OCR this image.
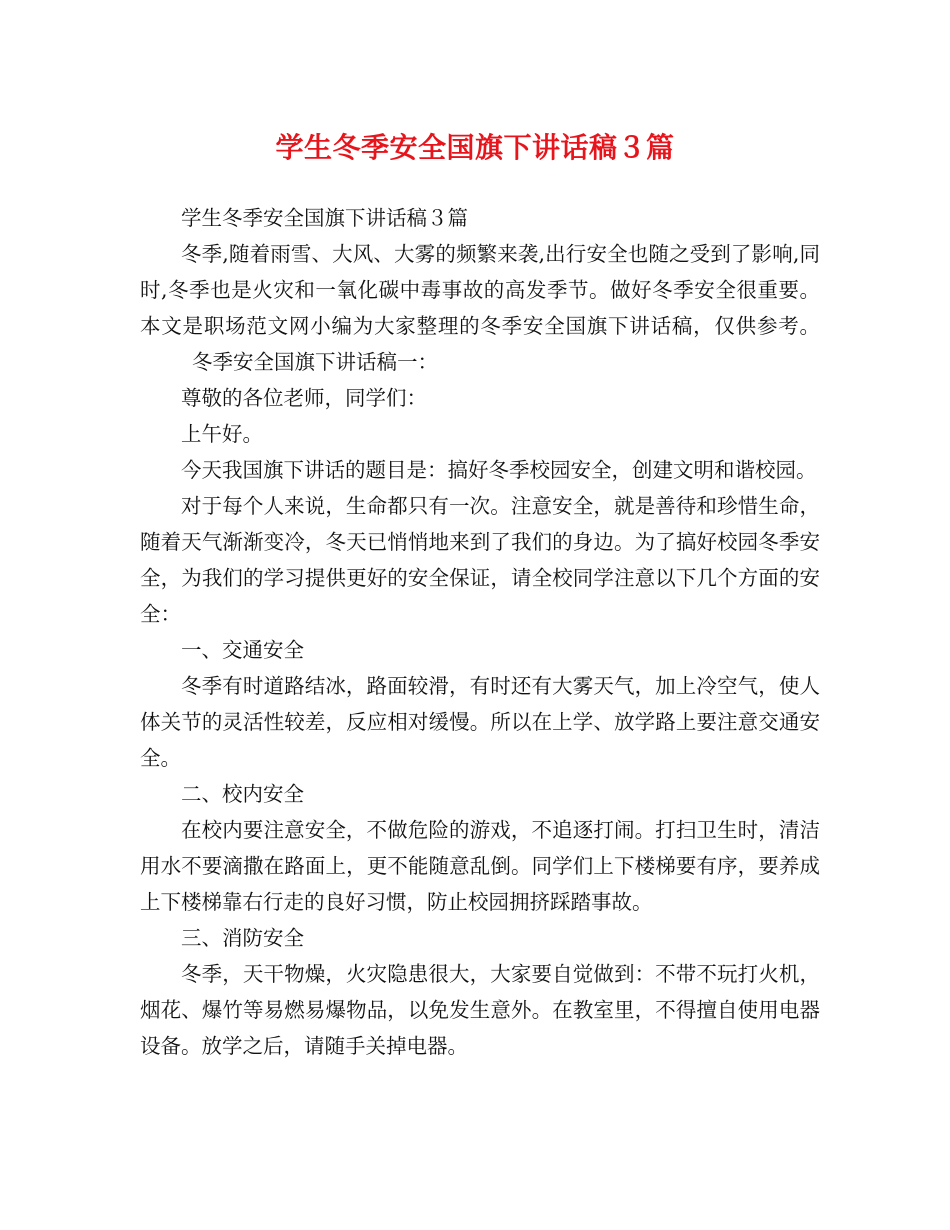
学生冬季安全国旗下讲话稿３篇

学生冬季安全国旗下讲话稿３篇

冬季,随着雨雪、大风、大雾的频繁来袭,出行安全也随之受到了影响,同时,冬季也是火灾和一氧化碳中毒事故的高发季节。做好冬季安全很重要。本文是职场范文网小编为大家整理的冬季安全国旗下讲话稿，仅供参考。冬季安全国旗下讲话稿一：

尊敬的各位老师，同学们：

上午好。

今天我国旗下讲话的题目是：搞好冬季校园安全，创建文明和谐校园。

对于每个人来说，生命都只有一次。注意安全，就是善待和珍惜生命，随着天气渐渐变冷，冬天已悄悄地来到了我们的身边。为了搞好校园冬季安全，为我们的学习提供更好的安全保证，请全校同学注意以下几个方面的安全：

一、交通安全

冬季有时道路结冰，路面较滑，有时还有大雾天气，加上冷空气，使人体关节的灵活性较差，反应相对缓慢。所以在上学、放学路上要注意交通安全。

二、校内安全

在校内要注意安全，不做危险的游戏，不追逐打闹。打扫卫生时，清洁用水不要滴撒在路面上，更不能随意乱倒。同学们上下楼梯要有序，要养成上下楼梯靠右行走的良好习惯，防止校园拥挤踩踏事故。

三、消防安全

冬季，天干物燥，火灾隐患很大，大家要自觉做到：不带不玩打火机，烟花、爆竹等易燃易爆物品，以免发生意外。在教室里，不得擅自使用电器设备。放学之后，请随手关掉电器。
